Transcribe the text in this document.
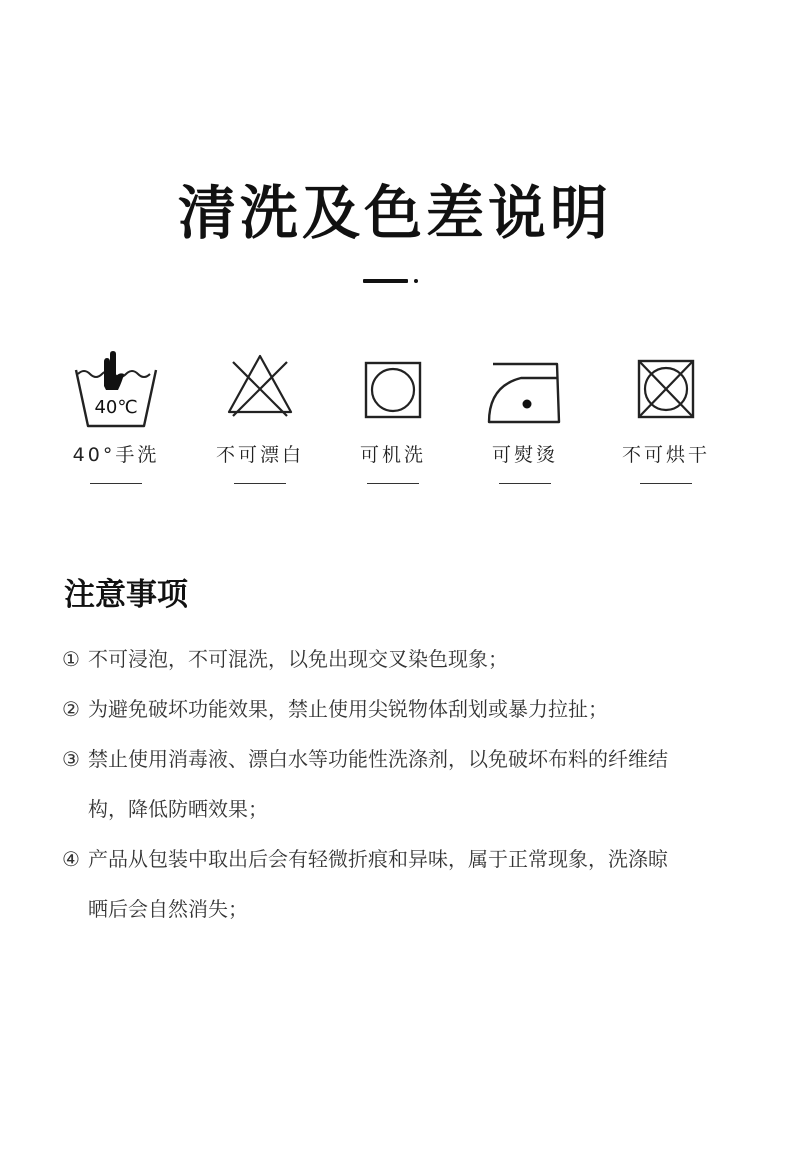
清洗及色差说明
40℃
40°手洗	不可漂白	可机洗	可熨烫	不可烘干
注意事项
① 不可浸泡，不可混洗，以免出现交叉染色现象；
② 为避免破坏功能效果，禁止使用尖锐物体刮划或暴力拉扯；
③ 禁止使用消毒液、漂白水等功能性洗涤剂，以免破坏布料的纤维结
构，降低防晒效果；
④ 产品从包装中取出后会有轻微折痕和异味，属于正常现象，洗涤晾
晒后会自然消失；
